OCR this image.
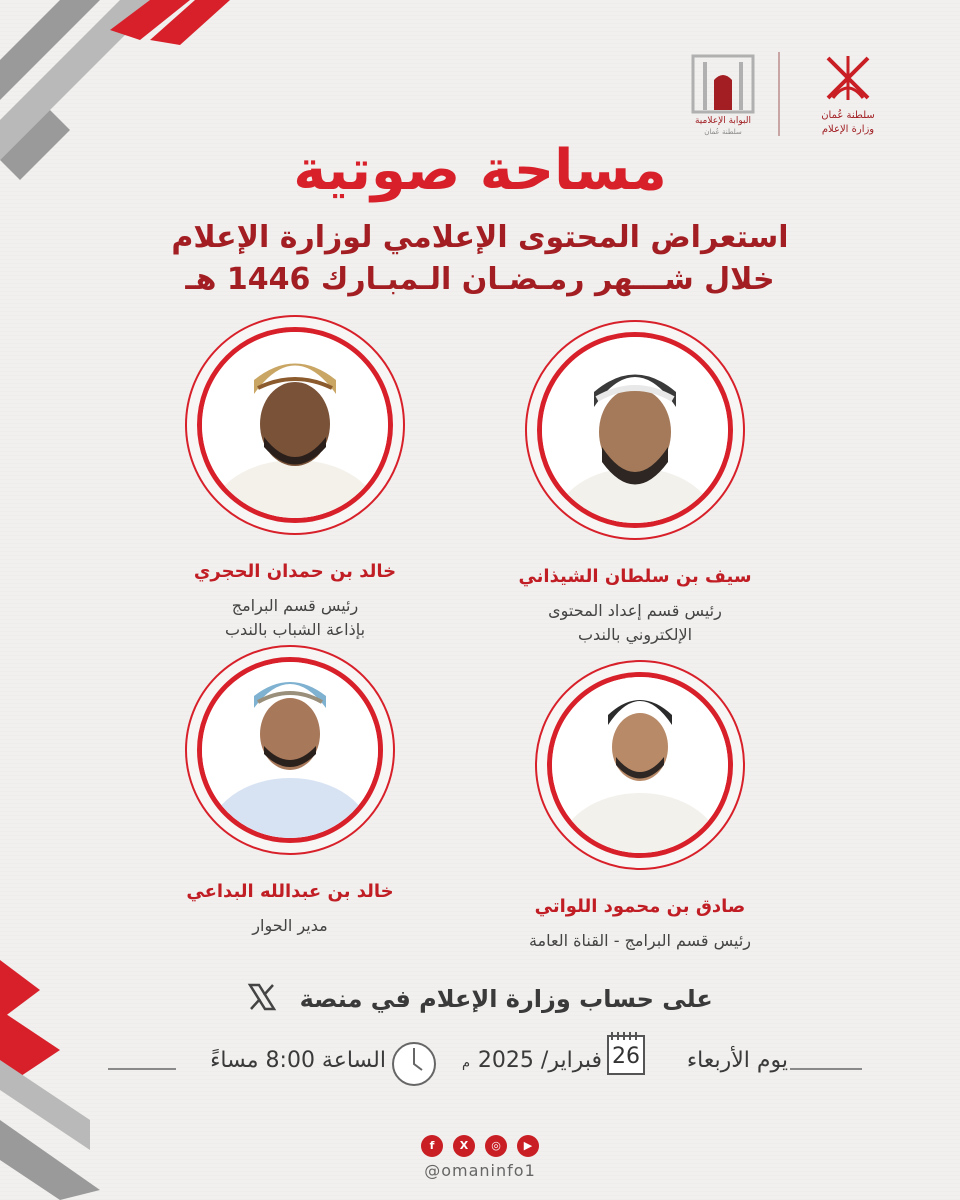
البوابة الإعلامية
سلطنة عُمان
سلطنة عُمان
وزارة الإعلام
مساحة صوتية
استعراض المحتوى الإعلامي لوزارة الإعلام
خلال شـــهر رمـضـان الـمبـارك 1446 هـ
سيف بن سلطان الشيذاني
رئيس قسم إعداد المحتوى
الإلكتروني بالندب
خالد بن حمدان الحجري
رئيس قسم البرامج
بإذاعة الشباب بالندب
صادق بن محمود اللواتي
رئيس قسم البرامج - القناة العامة
خالد بن عبدالله البداعي
مدير الحوار
على حساب وزارة الإعلام في منصة
يوم الأربعاء
26
فبراير/ 2025
م
الساعة 8:00 مساءً
f	X	◎	▶
@omaninfo1
